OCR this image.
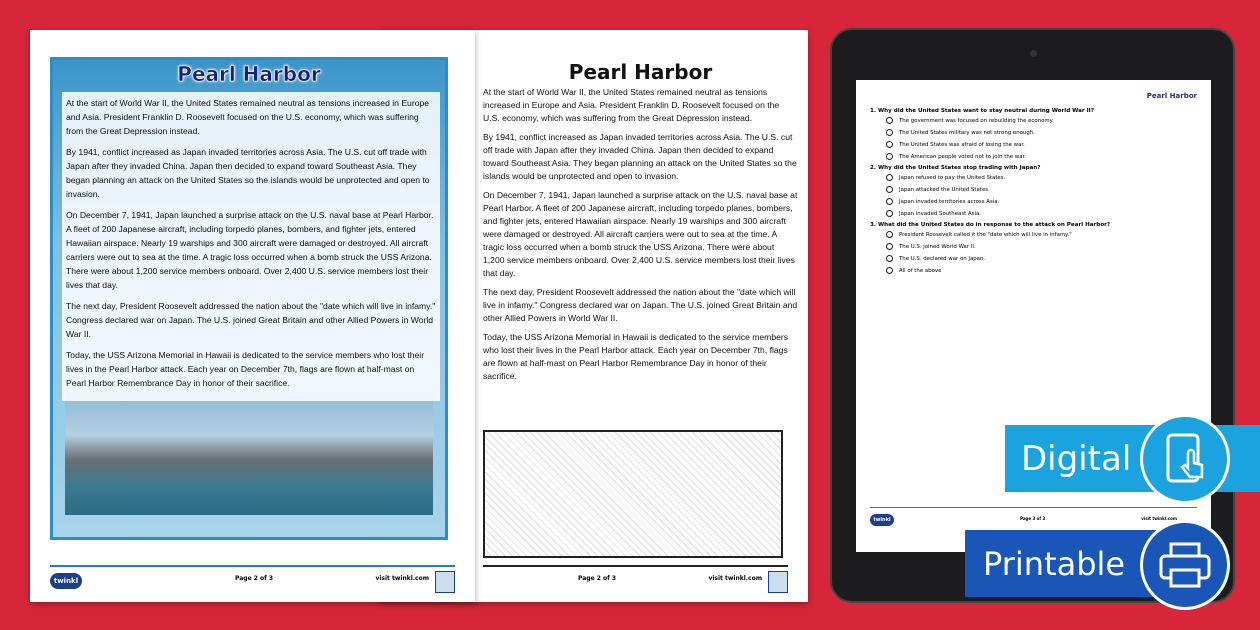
Pearl Harbor

At the start of World War II, the United States remained neutral as tensions increased in Europe and Asia. President Franklin D. Roosevelt focused on the U.S. economy, which was suffering from the Great Depression instead.

By 1941, conflict increased as Japan invaded territories across Asia. The U.S. cut off trade with Japan after they invaded China. Japan then decided to expand toward Southeast Asia. They began planning an attack on the United States so the islands would be unprotected and open to invasion.

On December 7, 1941, Japan launched a surprise attack on the U.S. naval base at Pearl Harbor. A fleet of 200 Japanese aircraft, including torpedo planes, bombers, and fighter jets, entered Hawaiian airspace. Nearly 19 warships and 300 aircraft were damaged or destroyed. All aircraft carriers were out to sea at the time. A tragic loss occurred when a bomb struck the USS Arizona. There were about 1,200 service members onboard. Over 2,400 U.S. service members lost their lives that day.

The next day, President Roosevelt addressed the nation about the "date which will live in infamy." Congress declared war on Japan. The U.S. joined Great Britain and other Allied Powers in World War II.

Today, the USS Arizona Memorial in Hawaii is dedicated to the service members who lost their lives in the Pearl Harbor attack. Each year on December 7th, flags are flown at half-mast on Pearl Harbor Remembrance Day in honor of their sacrifice.

twinkl	Page 2 of 3	visit twinkl.com
Pearl Harbor

At the start of World War II, the United States remained neutral as tensions increased in Europe and Asia. President Franklin D. Roosevelt focused on the U.S. economy, which was suffering from the Great Depression instead.

By 1941, conflict increased as Japan invaded territories across Asia. The U.S. cut off trade with Japan after they invaded China. Japan then decided to expand toward Southeast Asia. They began planning an attack on the United States so the islands would be unprotected and open to invasion.

On December 7, 1941, Japan launched a surprise attack on the U.S. naval base at Pearl Harbor. A fleet of 200 Japanese aircraft, including torpedo planes, bombers, and fighter jets, entered Hawaiian airspace. Nearly 19 warships and 300 aircraft were damaged or destroyed. All aircraft carriers were out to sea at the time. A tragic loss occurred when a bomb struck the USS Arizona. There were about 1,200 service members onboard. Over 2,400 U.S. service members lost their lives that day.

The next day, President Roosevelt addressed the nation about the "date which will live in infamy." Congress declared war on Japan. The U.S. joined Great Britain and other Allied Powers in World War II.

Today, the USS Arizona Memorial in Hawaii is dedicated to the service members who lost their lives in the Pearl Harbor attack. Each year on December 7th, flags are flown at half-mast on Pearl Harbor Remembrance Day in honor of their sacrifice.

Page 2 of 3	visit twinkl.com
Pearl Harbor
1. Why did the United States want to stay neutral during World War II?
The government was focused on rebuilding the economy.
The United States military was not strong enough.
The United States was afraid of losing the war.
The American people voted not to join the war.
2. Why did the United States stop trading with Japan?
Japan refused to pay the United States.
Japan attacked the United States.
Japan invaded territories across Asia.
Japan invaded Southeast Asia.
3. What did the United States do in response to the attack on Pearl Harbor?
President Roosevelt called it the "date which will live in infamy."
The U.S. joined World War II.
The U.S. declared war on Japan.
All of the above
twinkl	Page 3 of 3	visit twinkl.com
Digital
Printable
